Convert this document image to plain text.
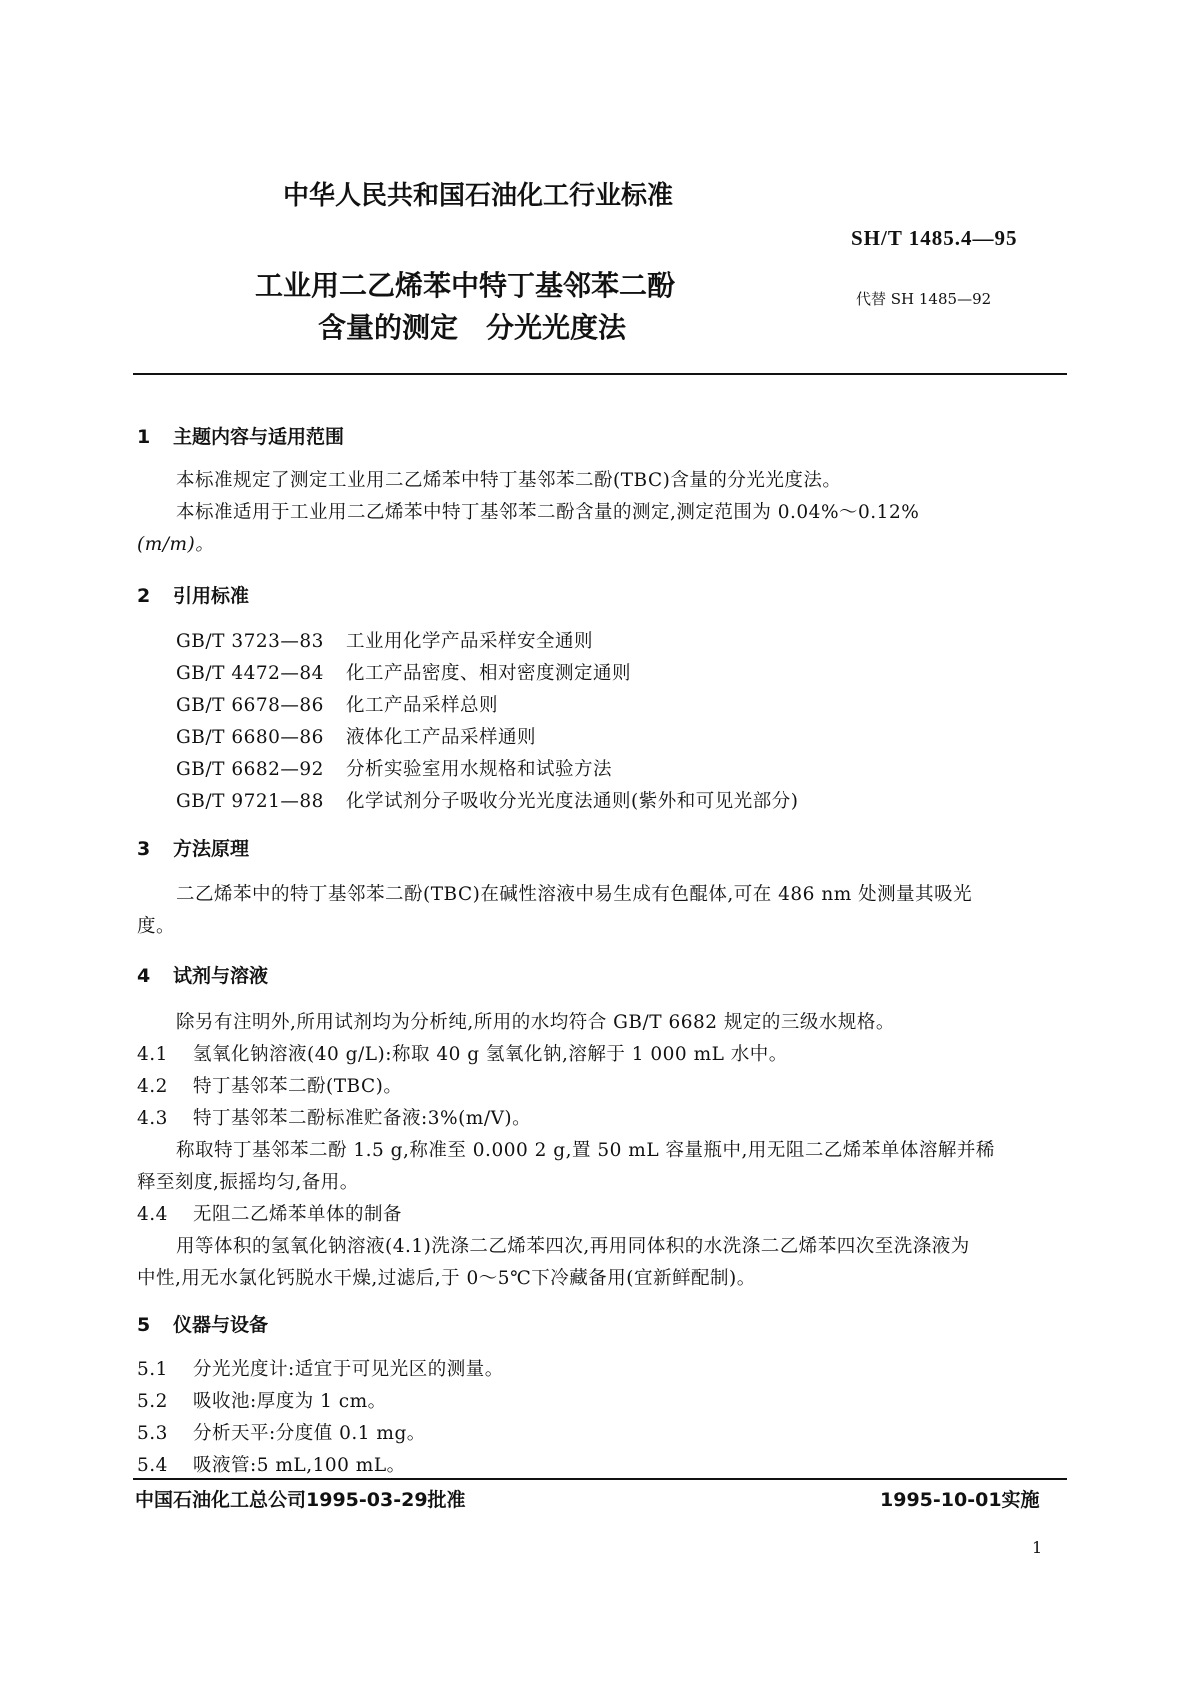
中华人民共和国石油化工行业标准
SH/T 1485.4—95
工业用二乙烯苯中特丁基邻苯二酚
含量的测定　分光光度法
代替 SH 1485—92
1 主题内容与适用范围
本标准规定了测定工业用二乙烯苯中特丁基邻苯二酚(TBC)含量的分光光度法。
本标准适用于工业用二乙烯苯中特丁基邻苯二酚含量的测定,测定范围为 0.04%～0.12%
(m/m)。
2 引用标准
GB/T 3723—83 工业用化学产品采样安全通则
GB/T 4472—84 化工产品密度、相对密度测定通则
GB/T 6678—86 化工产品采样总则
GB/T 6680—86 液体化工产品采样通则
GB/T 6682—92 分析实验室用水规格和试验方法
GB/T 9721—88 化学试剂分子吸收分光光度法通则(紫外和可见光部分)
3 方法原理
二乙烯苯中的特丁基邻苯二酚(TBC)在碱性溶液中易生成有色醌体,可在 486 nm 处测量其吸光
度。
4 试剂与溶液
除另有注明外,所用试剂均为分析纯,所用的水均符合 GB/T 6682 规定的三级水规格。
4.1 氢氧化钠溶液(40 g/L):称取 40 g 氢氧化钠,溶解于 1 000 mL 水中。
4.2 特丁基邻苯二酚(TBC)。
4.3 特丁基邻苯二酚标准贮备液:3%(m/V)。
称取特丁基邻苯二酚 1.5 g,称准至 0.000 2 g,置 50 mL 容量瓶中,用无阻二乙烯苯单体溶解并稀
释至刻度,振摇均匀,备用。
4.4 无阻二乙烯苯单体的制备
用等体积的氢氧化钠溶液(4.1)洗涤二乙烯苯四次,再用同体积的水洗涤二乙烯苯四次至洗涤液为
中性,用无水氯化钙脱水干燥,过滤后,于 0～5℃下冷藏备用(宜新鲜配制)。
5 仪器与设备
5.1 分光光度计:适宜于可见光区的测量。
5.2 吸收池:厚度为 1 cm。
5.3 分析天平:分度值 0.1 mg。
5.4 吸液管:5 mL,100 mL。
中国石油化工总公司1995-03-29批准	1995-10-01实施
1
